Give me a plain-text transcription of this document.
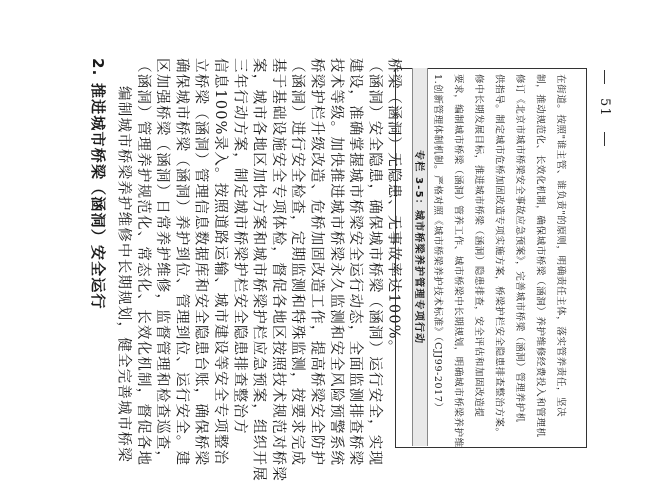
2. 推进城市桥梁（涵洞）安全运行 编制城市桥梁养护维修中长期规划，健全完善城市桥梁 （涵洞）管理养护规范化、常态化、长效化机制，督促各地 区加强桥梁（涵洞）日常养护维修，监督管理和检查巡查， 确保城市桥梁（涵洞）养护到位、管理到位、运行安全。建 立桥梁（涵洞）管理信息数据库和安全隐患台账，确保桥梁 信息100%录入。按照道路运输、城市建设等安全专项整治 三年行动方案，制定城市桥梁护栏安全隐患排查整治方 案，城市各地区加快方案和城市桥梁护栏应急预案，组织开展 基于基础设施安全专项体检，督促各地区按照技术规范对桥梁 （涵洞）进行安全检查，定期监测和特殊监测，按要求完成 桥梁护栏升级改造、危桥加固改造工作，提高桥梁安全防护 技术等级。加快推进城市桥梁永久监测和安全风险预警系统 建设，准确掌握城市桥梁安全运行动态，全面监测排查桥梁 （涵洞）安全隐患，确保城市桥梁（涵洞）运行安全，实现 桥梁（涵洞）无隐患、无事故率达100%。 专栏 3-5：城市桥梁养护管理专项行动 1.创新管理体制机制。严格对照《城市桥梁养护技术标准》（CJJ99-2017）	要求，编制城市桥梁（涵洞）管养工作、城市桥梁中长期规划，明确城市桥梁养护维	修中长期发展目标，推进城市桥梁（涵洞）隐患排查，安全评估和加固改造提	供指导。制定城市危桥加固改造专项实施方案，桥梁护栏安全隐患排查整治方案。	修订《北京市城市桥梁安全事故应急预案》，完善城市桥梁（涵洞）管理养护机	制，推动规范化、长效化机制，确保城市桥梁（涵洞）养护维修经费投入和管理机	在街道。按照"谁主管、谁负责"的原则，明确责任主体，落实管养责任，坚决 51
